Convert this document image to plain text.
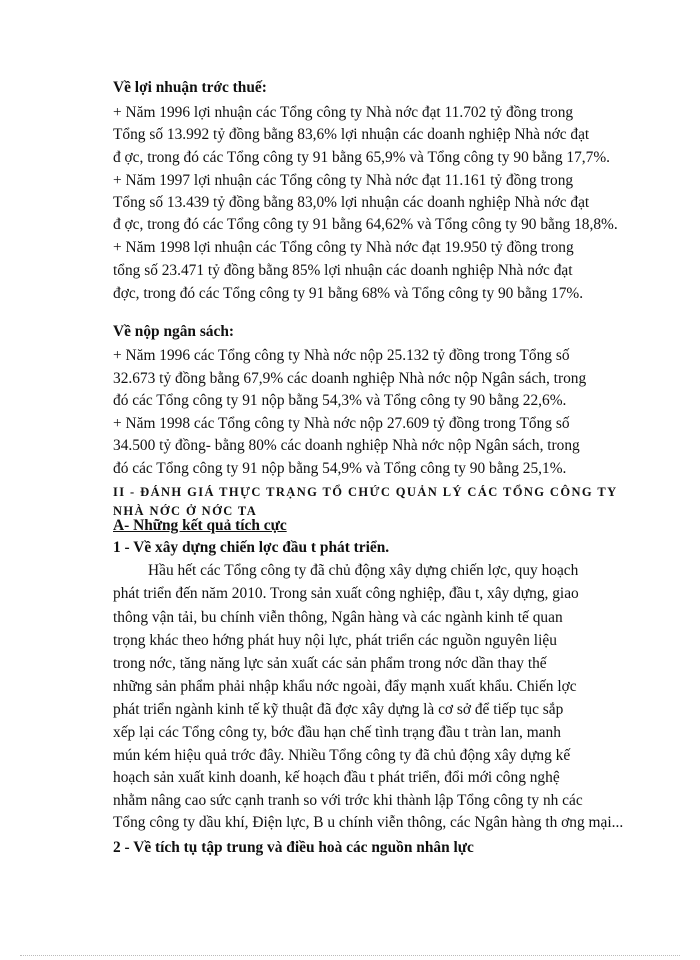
Về lợi nhuận trớc thuế:
+ Năm 1996 lợi nhuận các Tổng công ty Nhà nớc đạt 11.702 tỷ đồng trong
Tổng số 13.992 tỷ đồng bằng 83,6% lợi nhuận các doanh nghiệp Nhà nớc đạt
đ ợc, trong đó các Tổng công ty 91 bằng 65,9% và Tổng công ty 90 bằng 17,7%.
+ Năm 1997 lợi nhuận các Tổng công ty Nhà nớc đạt 11.161 tỷ đồng trong
Tổng số 13.439 tỷ đồng bằng 83,0% lợi nhuận các doanh nghiệp Nhà nớc đạt
đ ợc, trong đó các Tổng công ty 91 bằng 64,62% và Tổng công ty 90 bằng 18,8%.
+ Năm 1998 lợi nhuận các Tổng công ty Nhà nớc đạt 19.950 tỷ đồng trong
tổng số 23.471 tỷ đồng bằng 85% lợi nhuận các doanh nghiệp Nhà nớc đạt
đợc, trong đó các Tổng công ty 91 bằng 68% và Tổng công ty 90 bằng 17%.
Về nộp ngân sách:
+ Năm 1996 các Tổng công ty Nhà nớc nộp 25.132 tỷ đồng trong Tổng số
32.673 tỷ đồng bằng 67,9% các doanh nghiệp Nhà nớc nộp Ngân sách, trong
đó các Tổng công ty 91 nộp bằng 54,3% và Tổng công ty 90 bằng 22,6%.
+ Năm 1998 các Tổng công ty Nhà nớc nộp 27.609 tỷ đồng trong Tổng số
34.500 tỷ đồng- bằng 80% các doanh nghiệp Nhà nớc nộp Ngân sách, trong
đó các Tổng công ty 91 nộp bằng 54,9% và Tổng công ty 90 bằng 25,1%.
II - ĐÁNH GIÁ THỰC TRẠNG TỔ CHỨC QUẢN LÝ CÁC TỔNG CÔNG TY
NHÀ NỚC Ở NỚC TA
A- Những kết quả tích cực
1 - Về xây dựng chiến lợc đầu t phát triển.
Hầu hết các Tổng công ty đã chủ động xây dựng chiến lợc, quy hoạch
phát triển đến năm 2010. Trong sản xuất công nghiệp, đầu t, xây dựng, giao
thông vận tải, bu chính viễn thông, Ngân hàng và các ngành kinh tế quan
trọng khác theo hớng phát huy nội lực, phát triển các nguồn nguyên liệu
trong nớc, tăng năng lực sản xuất các sản phẩm trong nớc dần thay thế
những sản phẩm phải nhập khẩu nớc ngoài, đẩy mạnh xuất khẩu. Chiến lợc
phát triển ngành kinh tế kỹ thuật đã đợc xây dựng là cơ sở để tiếp tục sắp
xếp lại các Tổng công ty, bớc đầu hạn chế tình trạng đầu t tràn lan, manh
mún kém hiệu quả trớc đây. Nhiều Tổng công ty đã chủ động xây dựng kế
hoạch sản xuất kinh doanh, kế hoạch đầu t phát triển, đổi mới công nghệ
nhằm nâng cao sức cạnh tranh so với trớc khi thành lập Tổng công ty nh các
Tổng công ty dầu khí, Điện lực, B u chính viễn thông, các Ngân hàng th ơng mại...
2 - Về tích tụ tập trung và điều hoà các nguồn nhân lực
